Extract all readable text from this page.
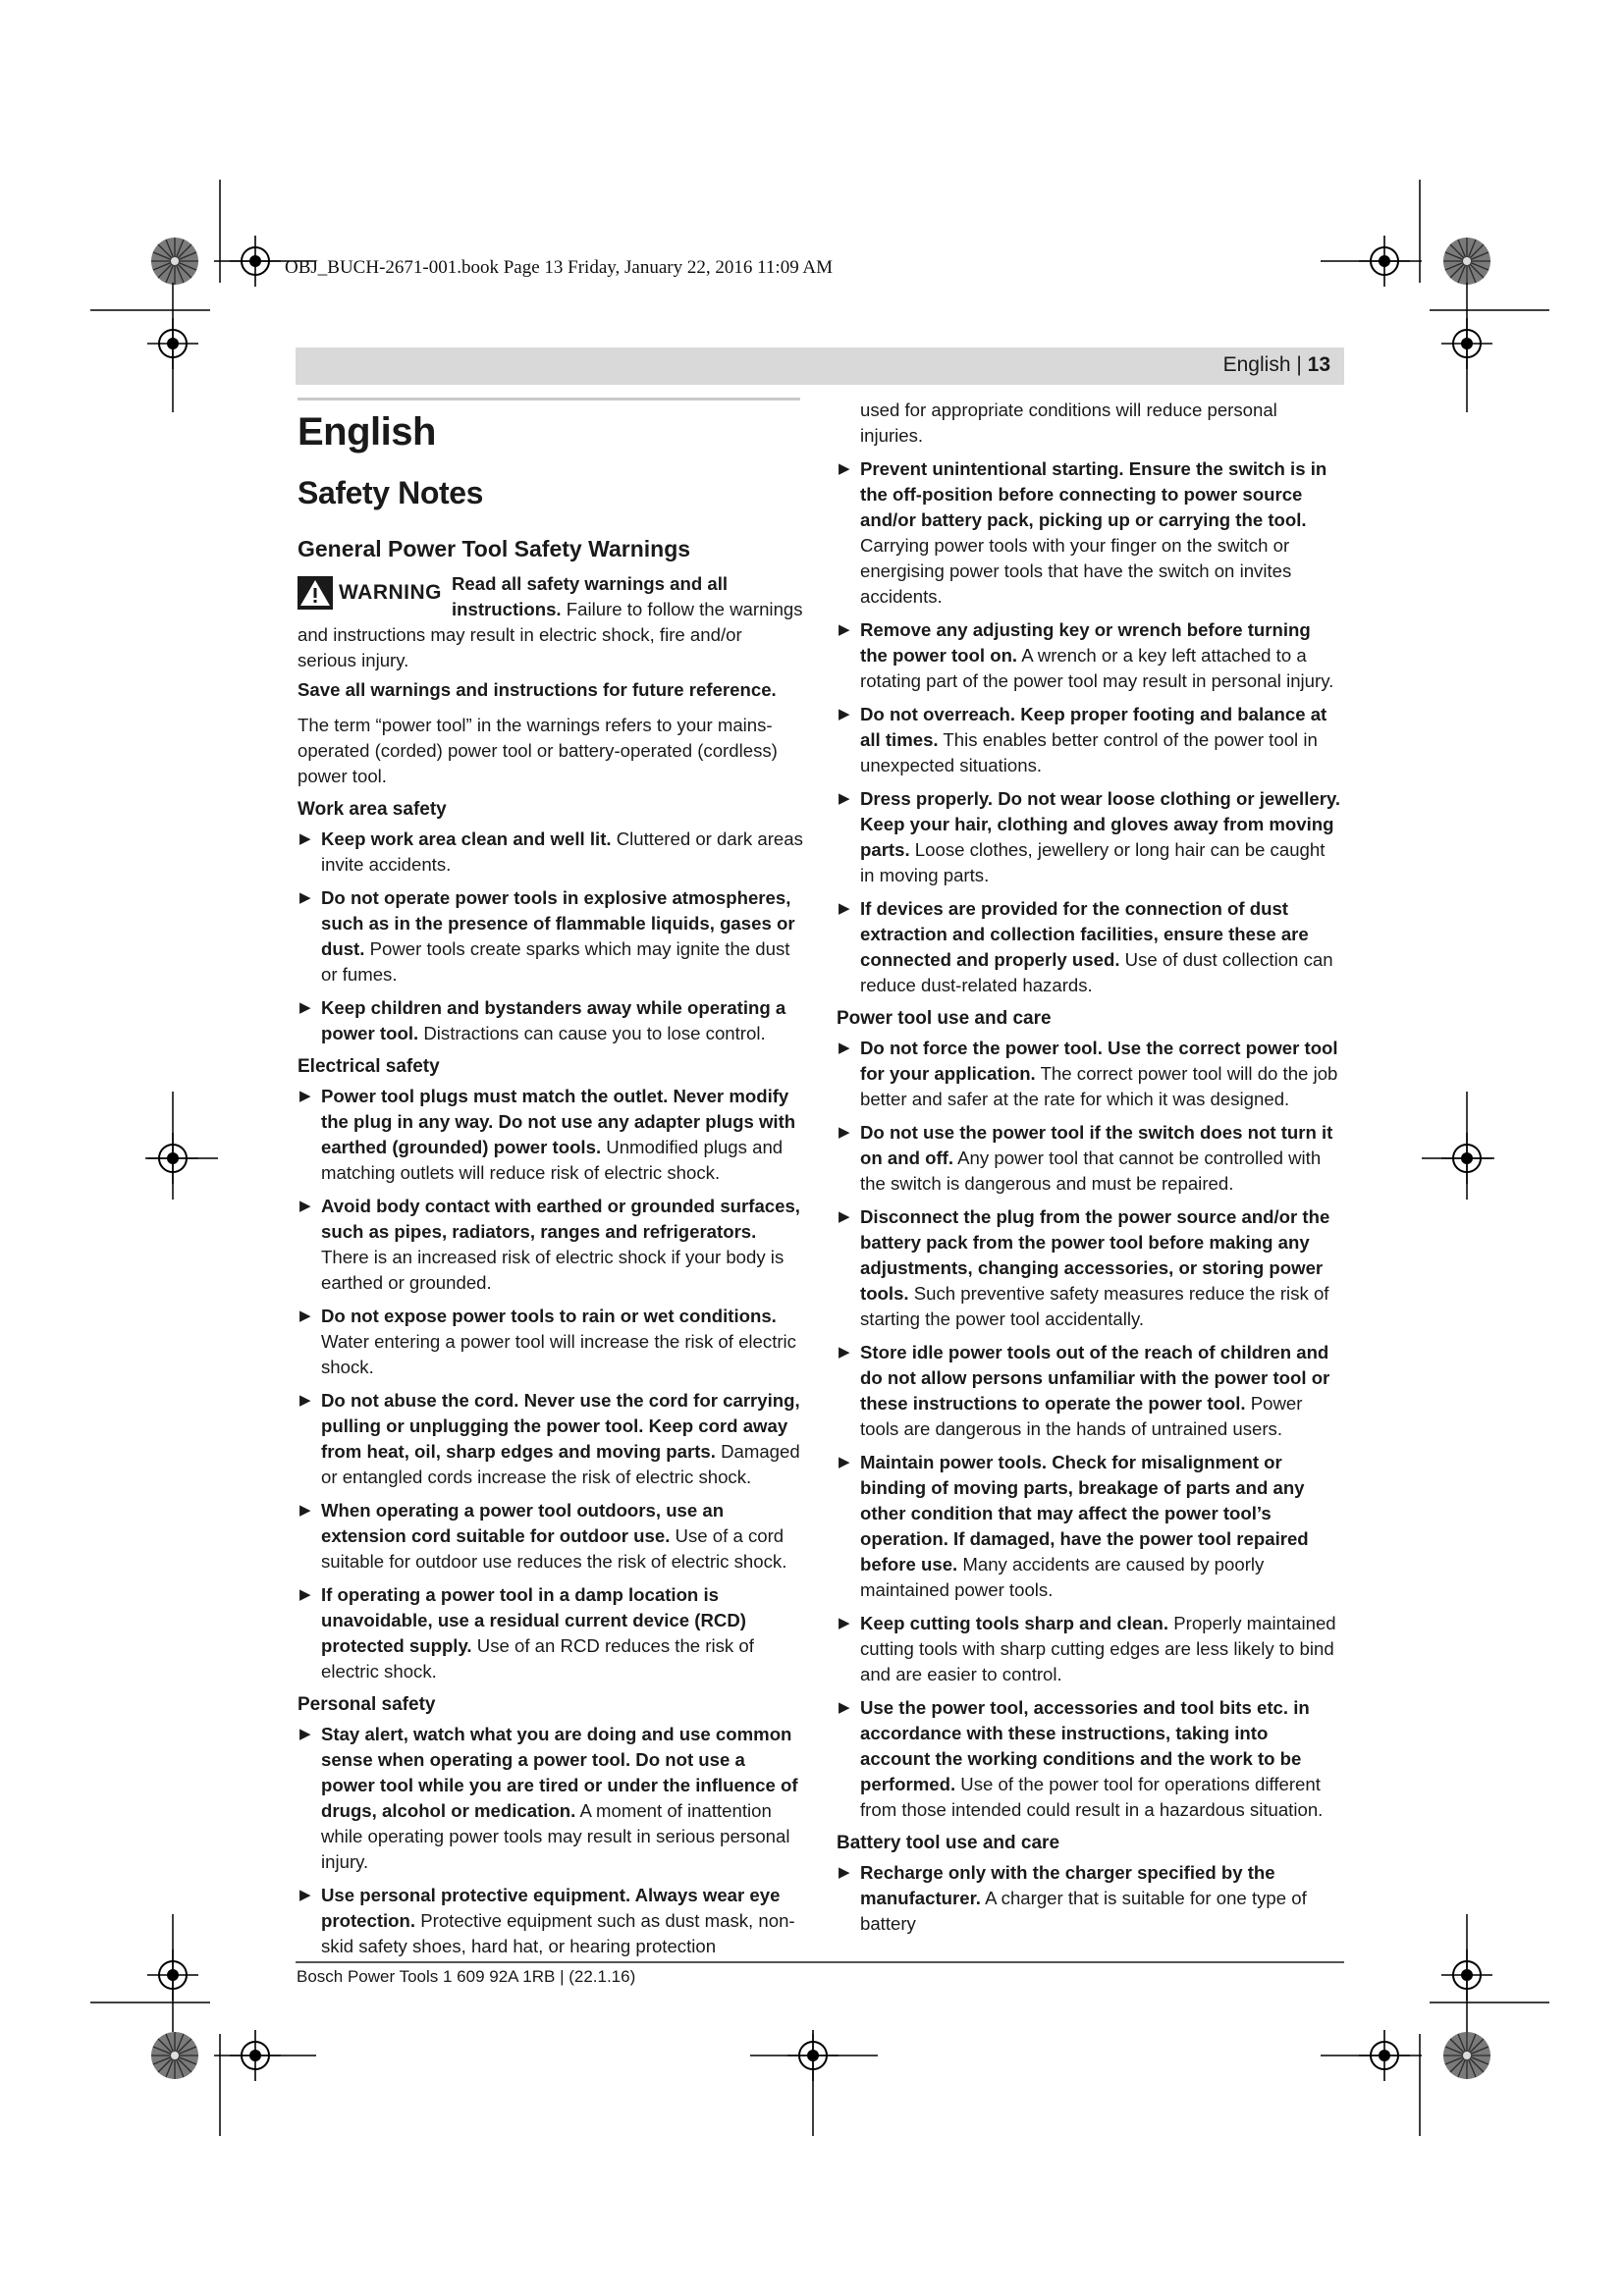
OBJ_BUCH-2671-001.book Page 13 Friday, January 22, 2016 11:09 AM
English | 13
English
Safety Notes
General Power Tool Safety Warnings
WARNING Read all safety warnings and all instructions. Failure to follow the warnings and instructions may result in electric shock, fire and/or serious injury.

Save all warnings and instructions for future reference.

The term “power tool” in the warnings refers to your mains-operated (corded) power tool or battery-operated (cordless) power tool.

Work area safety
▶ Keep work area clean and well lit. Cluttered or dark areas invite accidents.
▶ Do not operate power tools in explosive atmospheres, such as in the presence of flammable liquids, gases or dust. Power tools create sparks which may ignite the dust or fumes.
▶ Keep children and bystanders away while operating a power tool. Distractions can cause you to lose control.
Electrical safety
▶ Power tool plugs must match the outlet. Never modify the plug in any way. Do not use any adapter plugs with earthed (grounded) power tools. Unmodified plugs and matching outlets will reduce risk of electric shock.
▶ Avoid body contact with earthed or grounded surfaces, such as pipes, radiators, ranges and refrigerators. There is an increased risk of electric shock if your body is earthed or grounded.
▶ Do not expose power tools to rain or wet conditions. Water entering a power tool will increase the risk of electric shock.
▶ Do not abuse the cord. Never use the cord for carrying, pulling or unplugging the power tool. Keep cord away from heat, oil, sharp edges and moving parts. Damaged or entangled cords increase the risk of electric shock.
▶ When operating a power tool outdoors, use an extension cord suitable for outdoor use. Use of a cord suitable for outdoor use reduces the risk of electric shock.
▶ If operating a power tool in a damp location is unavoidable, use a residual current device (RCD) protected supply. Use of an RCD reduces the risk of electric shock.
Personal safety
▶ Stay alert, watch what you are doing and use common sense when operating a power tool. Do not use a power tool while you are tired or under the influence of drugs, alcohol or medication. A moment of inattention while operating power tools may result in serious personal injury.
▶ Use personal protective equipment. Always wear eye protection. Protective equipment such as dust mask, non-skid safety shoes, hard hat, or hearing protection
used for appropriate conditions will reduce personal injuries.
▶ Prevent unintentional starting. Ensure the switch is in the off-position before connecting to power source and/or battery pack, picking up or carrying the tool. Carrying power tools with your finger on the switch or energising power tools that have the switch on invites accidents.
▶ Remove any adjusting key or wrench before turning the power tool on. A wrench or a key left attached to a rotating part of the power tool may result in personal injury.
▶ Do not overreach. Keep proper footing and balance at all times. This enables better control of the power tool in unexpected situations.
▶ Dress properly. Do not wear loose clothing or jewellery. Keep your hair, clothing and gloves away from moving parts. Loose clothes, jewellery or long hair can be caught in moving parts.
▶ If devices are provided for the connection of dust extraction and collection facilities, ensure these are connected and properly used. Use of dust collection can reduce dust-related hazards.
Power tool use and care
▶ Do not force the power tool. Use the correct power tool for your application. The correct power tool will do the job better and safer at the rate for which it was designed.
▶ Do not use the power tool if the switch does not turn it on and off. Any power tool that cannot be controlled with the switch is dangerous and must be repaired.
▶ Disconnect the plug from the power source and/or the battery pack from the power tool before making any adjustments, changing accessories, or storing power tools. Such preventive safety measures reduce the risk of starting the power tool accidentally.
▶ Store idle power tools out of the reach of children and do not allow persons unfamiliar with the power tool or these instructions to operate the power tool. Power tools are dangerous in the hands of untrained users.
▶ Maintain power tools. Check for misalignment or binding of moving parts, breakage of parts and any other condition that may affect the power tool’s operation. If damaged, have the power tool repaired before use. Many accidents are caused by poorly maintained power tools.
▶ Keep cutting tools sharp and clean. Properly maintained cutting tools with sharp cutting edges are less likely to bind and are easier to control.
▶ Use the power tool, accessories and tool bits etc. in accordance with these instructions, taking into account the working conditions and the work to be performed. Use of the power tool for operations different from those intended could result in a hazardous situation.
Battery tool use and care
▶ Recharge only with the charger specified by the manufacturer. A charger that is suitable for one type of battery
Bosch Power Tools 1 609 92A 1RB | (22.1.16)
